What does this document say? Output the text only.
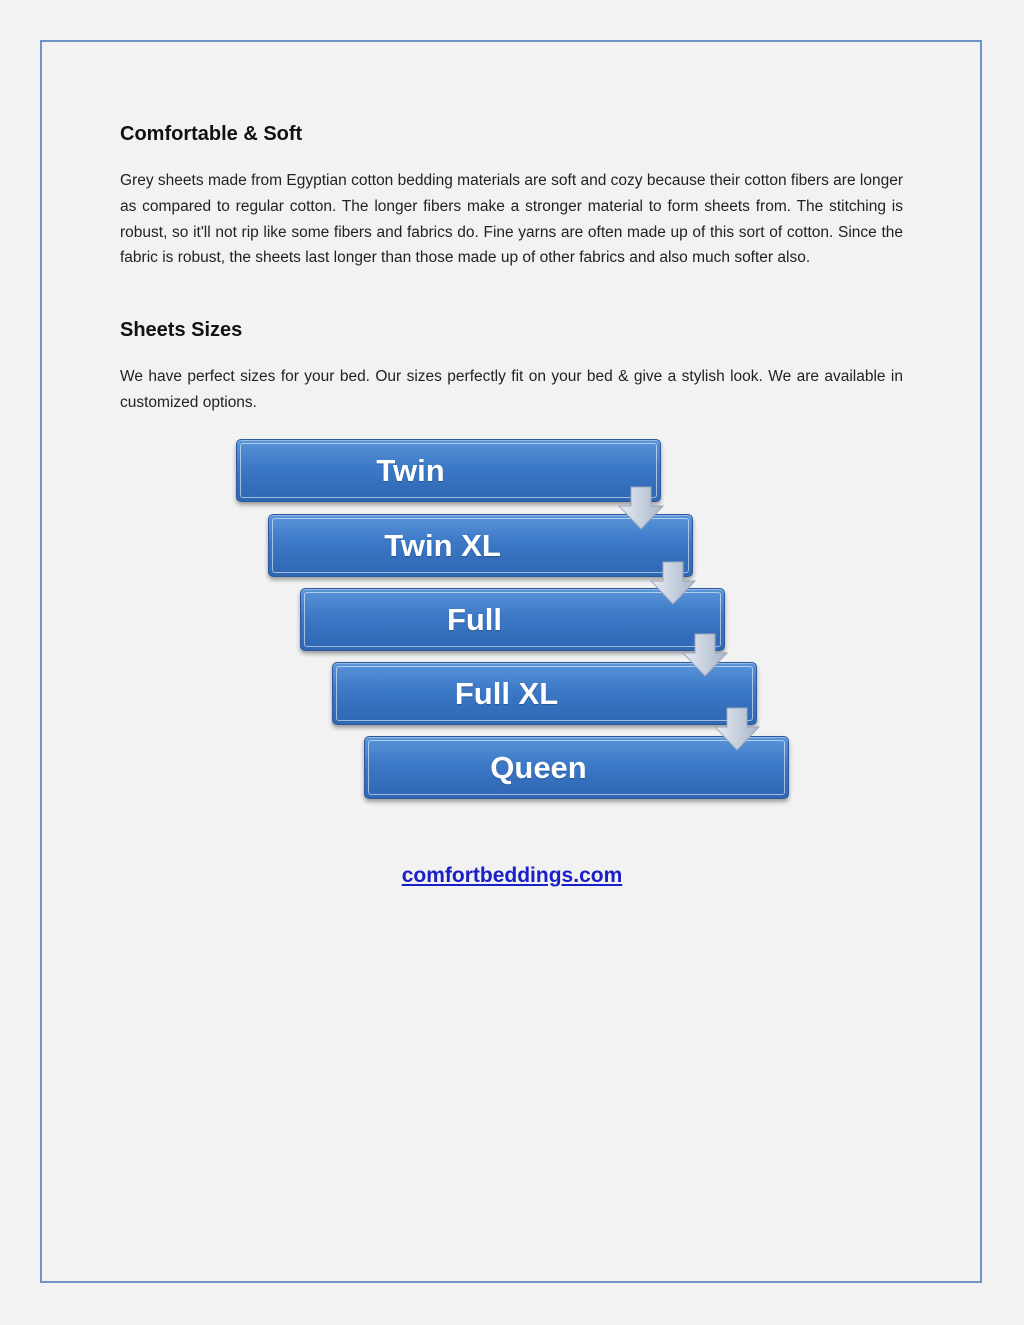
Comfortable & Soft

Grey sheets made from Egyptian cotton bedding materials are soft and cozy because their cotton fibers are longer as compared to regular cotton. The longer fibers make a stronger material to form sheets from. The stitching is robust, so it'll not rip like some fibers and fabrics do. Fine yarns are often made up of this sort of cotton. Since the fabric is robust, the sheets last longer than those made up of other fabrics and also much softer also.

Sheets Sizes

We have perfect sizes for your bed. Our sizes perfectly fit on your bed & give a stylish look. We are available in customized options.

Twin
Twin XL
Full
Full XL
Queen
comfortbeddings.com
